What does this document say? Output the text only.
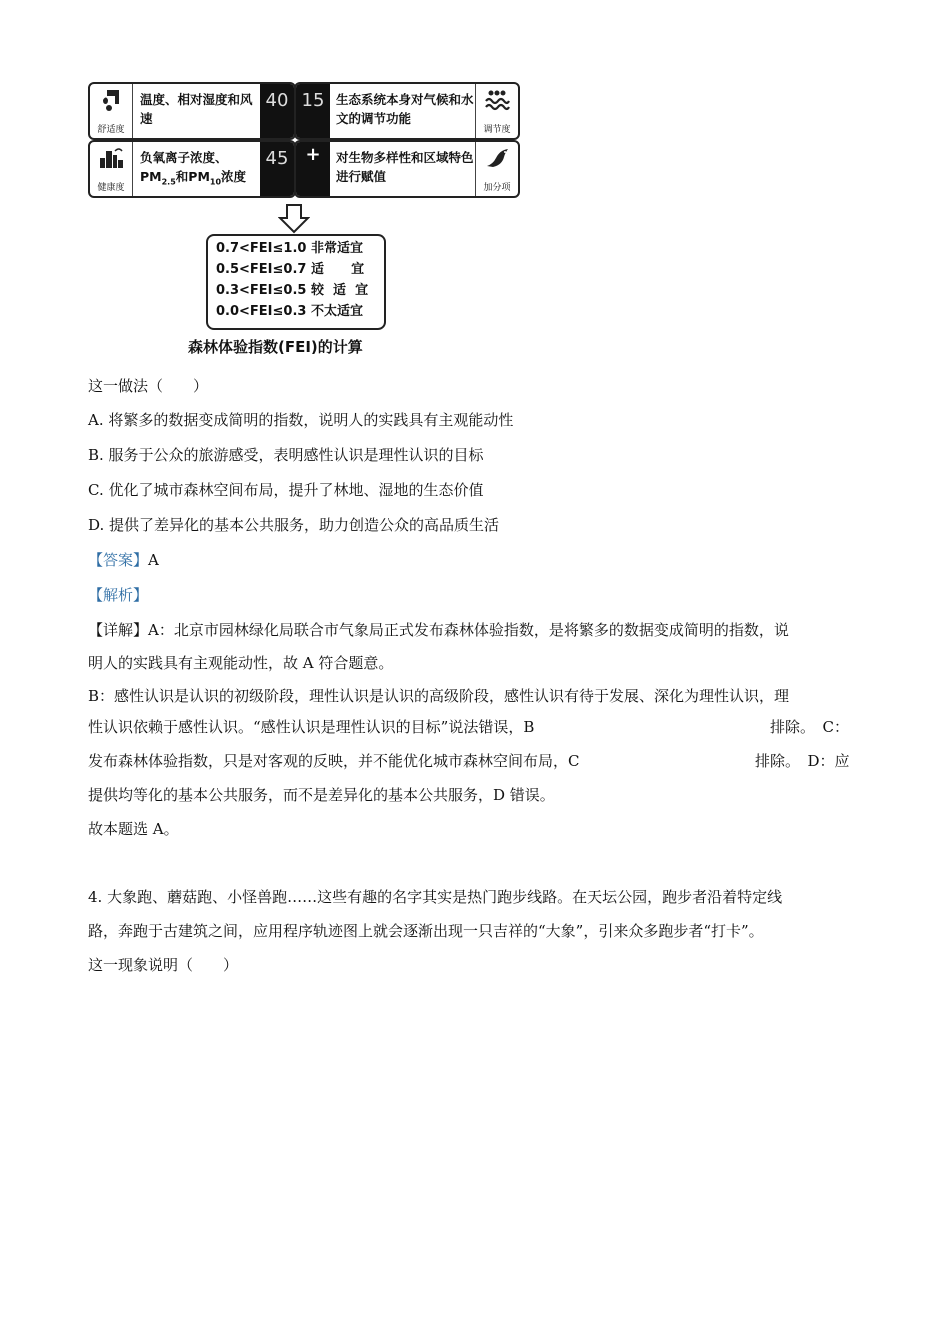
舒适度
温度、相对湿度和风速
40 15 生态系统本身对气候和水文的调节功能
调节度
健康度
负氧离子浓度、
$PM_{2.5}$和$PM_{10}$浓度
45 +	对生物多样性和区域特色进行赋值
加分项
0.7<FEI≤1.0 非常适宜
0.5<FEI≤0.7 适      宜
0.3<FEI≤0.5 较  适  宜
0.0<FEI≤0.3 不太适宜
森林体验指数(FEI)的计算
这一做法（　　）
A. 将繁多的数据变成简明的指数，说明人的实践具有主观能动性
B. 服务于公众的旅游感受，表明感性认识是理性认识的目标
C. 优化了城市森林空间布局，提升了林地、湿地的生态价值
D. 提供了差异化的基本公共服务，助力创造公众的高品质生活
【答案】A
【解析】
【详解】A：北京市园林绿化局联合市气象局正式发布森林体验指数，是将繁多的数据变成简明的指数，说
明人的实践具有主观能动性，故 A 符合题意。
B：感性认识是认识的初级阶段，理性认识是认识的高级阶段，感性认识有待于发展、深化为理性认识，理
性认识依赖于感性认识。“感性认识是理性认识的目标”说法错误，B	排除。　C：
发布森林体验指数，只是对客观的反映，并不能优化城市森林空间布局，C	排除。　D：应
提供均等化的基本公共服务，而不是差异化的基本公共服务，D 错误。
故本题选 A。
4. 大象跑、蘑菇跑、小怪兽跑……这些有趣的名字其实是热门跑步线路。在天坛公园，跑步者沿着特定线
路，奔跑于古建筑之间，应用程序轨迹图上就会逐渐出现一只吉祥的“大象”，引来众多跑步者“打卡”。
这一现象说明（　　）
